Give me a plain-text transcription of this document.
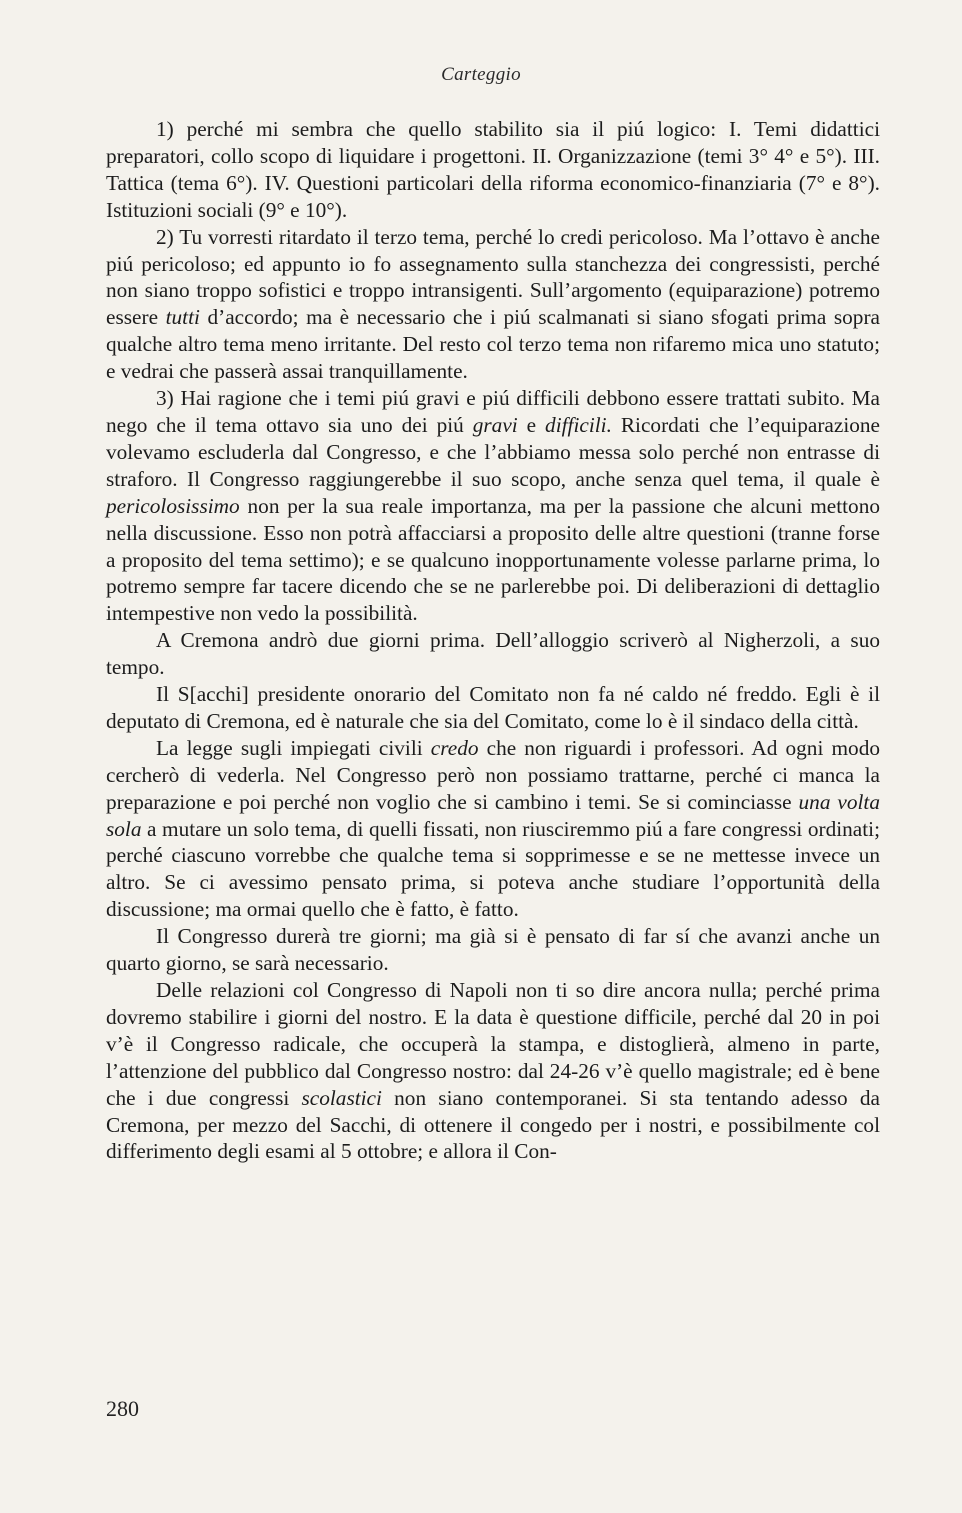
Carteggio

1) perché mi sembra che quello stabilito sia il piú logico: I. Temi didattici preparatori, collo scopo di liquidare i progettoni. II. Organizzazione (temi 3° 4° e 5°). III. Tattica (tema 6°). IV. Questioni particolari della riforma economico-finanziaria (7° e 8°). Istituzioni sociali (9° e 10°).

2) Tu vorresti ritardato il terzo tema, perché lo credi pericoloso. Ma l’ottavo è anche piú pericoloso; ed appunto io fo assegnamento sulla stanchezza dei congressisti, perché non siano troppo sofistici e troppo intransigenti. Sull’argomento (equiparazione) potremo essere tutti d’accordo; ma è necessario che i piú scalmanati si siano sfogati prima sopra qualche altro tema meno irritante. Del resto col terzo tema non rifaremo mica uno statuto; e vedrai che passerà assai tranquillamente.

3) Hai ragione che i temi piú gravi e piú difficili debbono essere trattati subito. Ma nego che il tema ottavo sia uno dei piú gravi e difficili. Ricordati che l’equiparazione volevamo escluderla dal Congresso, e che l’abbiamo messa solo perché non entrasse di straforo. Il Congresso raggiungerebbe il suo scopo, anche senza quel tema, il quale è pericolosissimo non per la sua reale importanza, ma per la passione che alcuni mettono nella discussione. Esso non potrà affacciarsi a proposito delle altre questioni (tranne forse a proposito del tema settimo); e se qualcuno inopportunamente volesse parlarne prima, lo potremo sempre far tacere dicendo che se ne parlerebbe poi. Di deliberazioni di dettaglio intempestive non vedo la possibilità.

A Cremona andrò due giorni prima. Dell’alloggio scriverò al Nigherzoli, a suo tempo.

Il S[acchi] presidente onorario del Comitato non fa né caldo né freddo. Egli è il deputato di Cremona, ed è naturale che sia del Comitato, come lo è il sindaco della città.

La legge sugli impiegati civili credo che non riguardi i professori. Ad ogni modo cercherò di vederla. Nel Congresso però non possiamo trattarne, perché ci manca la preparazione e poi perché non voglio che si cambino i temi. Se si cominciasse una volta sola a mutare un solo tema, di quelli fissati, non riusciremmo piú a fare congressi ordinati; perché ciascuno vorrebbe che qualche tema si sopprimesse e se ne mettesse invece un altro. Se ci avessimo pensato prima, si poteva anche studiare l’opportunità della discussione; ma ormai quello che è fatto, è fatto.

Il Congresso durerà tre giorni; ma già si è pensato di far sí che avanzi anche un quarto giorno, se sarà necessario.

Delle relazioni col Congresso di Napoli non ti so dire ancora nulla; perché prima dovremo stabilire i giorni del nostro. E la data è questione difficile, perché dal 20 in poi v’è il Congresso radicale, che occuperà la stampa, e distoglierà, almeno in parte, l’attenzione del pubblico dal Congresso nostro: dal 24-26 v’è quello magistrale; ed è bene che i due congressi scolastici non siano contemporanei. Si sta tentando adesso da Cremona, per mezzo del Sacchi, di ottenere il congedo per i nostri, e possibilmente col differimento degli esami al 5 ottobre; e allora il Con-

280
